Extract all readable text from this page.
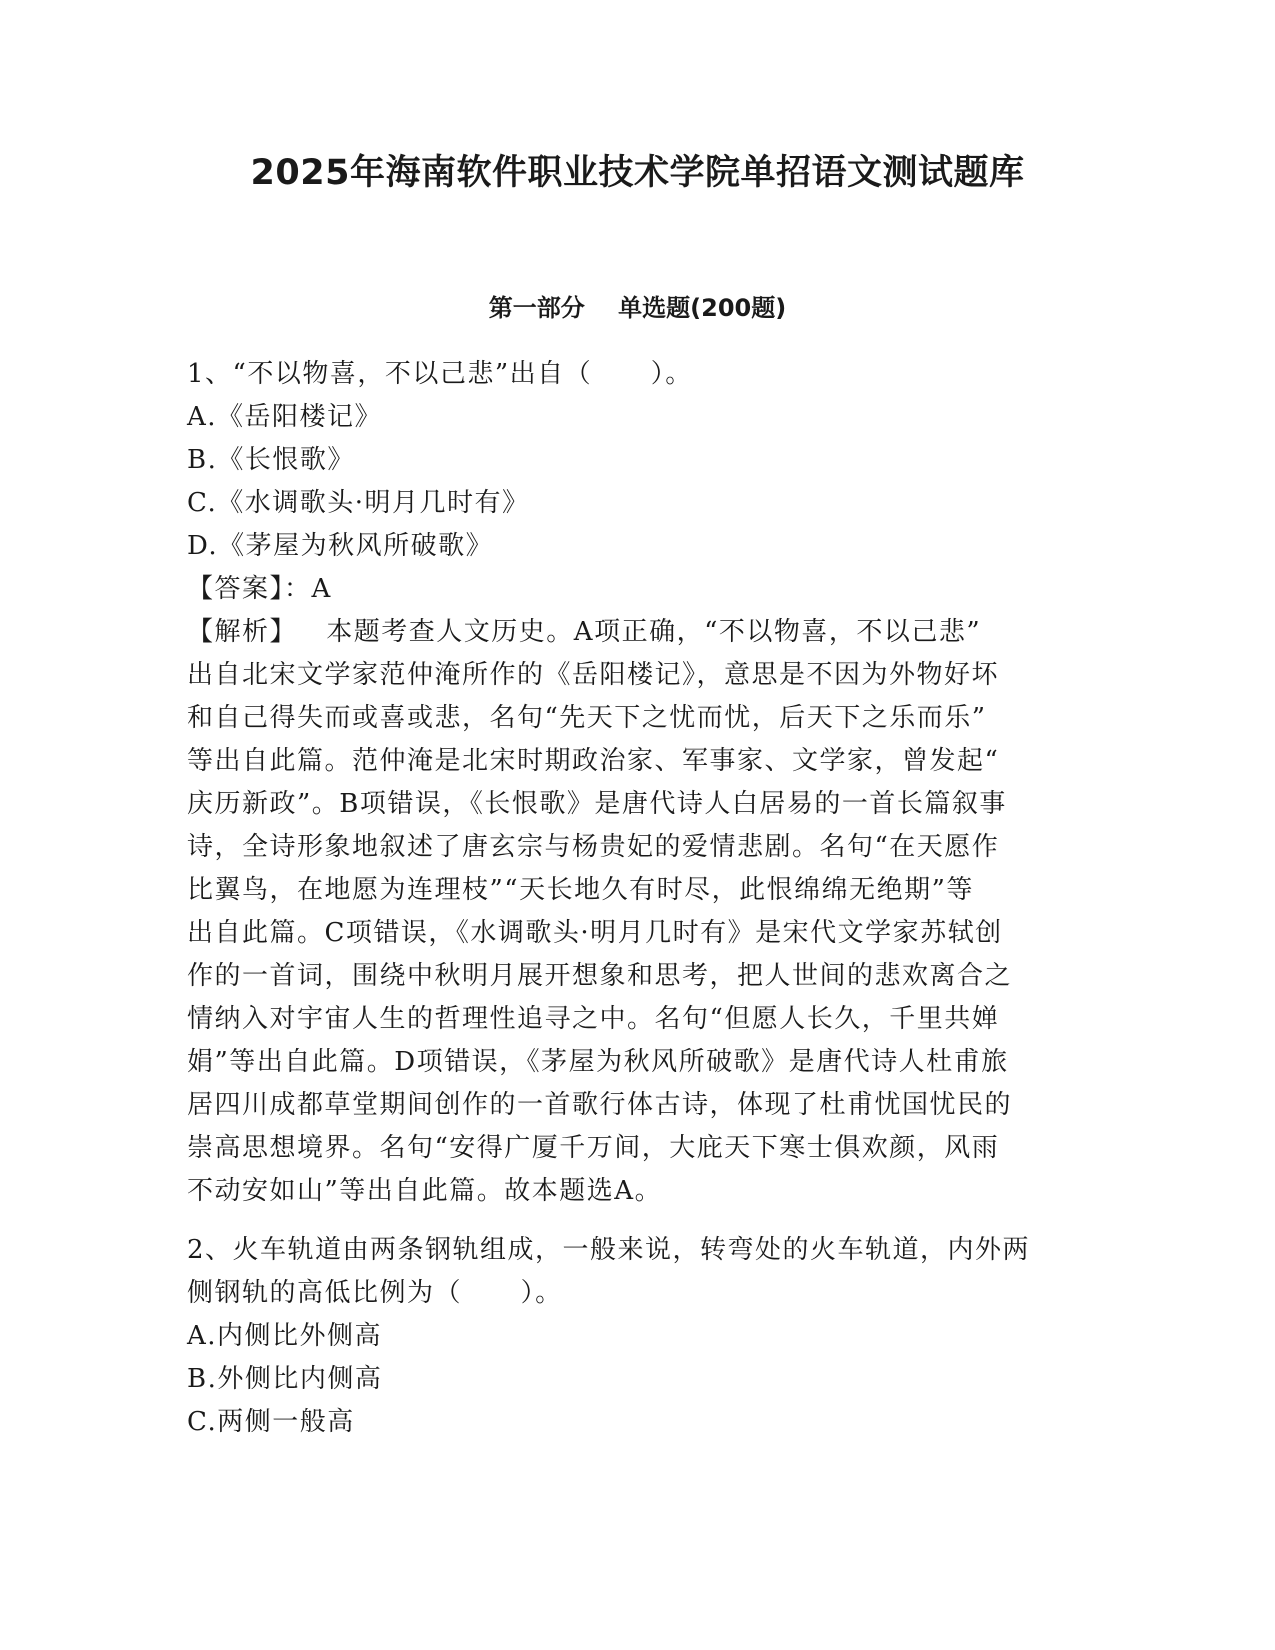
2025年海南软件职业技术学院单招语文测试题库
第一部分    单选题(200题)
1、“不以物喜，不以己悲”出自（      ）。
A.《岳阳楼记》
B.《长恨歌》
C.《水调歌头·明月几时有》
D.《茅屋为秋风所破歌》
【答案】：A
【解析】   本题考查人文历史。A项正确，“不以物喜，不以己悲”
出自北宋文学家范仲淹所作的《岳阳楼记》，意思是不因为外物好坏
和自己得失而或喜或悲，名句“先天下之忧而忧，后天下之乐而乐”
等出自此篇。范仲淹是北宋时期政治家、军事家、文学家，曾发起“
庆历新政”。B项错误，《长恨歌》是唐代诗人白居易的一首长篇叙事
诗，全诗形象地叙述了唐玄宗与杨贵妃的爱情悲剧。名句“在天愿作
比翼鸟，在地愿为连理枝”“天长地久有时尽，此恨绵绵无绝期”等
出自此篇。C项错误，《水调歌头·明月几时有》是宋代文学家苏轼创
作的一首词，围绕中秋明月展开想象和思考，把人世间的悲欢离合之
情纳入对宇宙人生的哲理性追寻之中。名句“但愿人长久，千里共婵
娟”等出自此篇。D项错误，《茅屋为秋风所破歌》是唐代诗人杜甫旅
居四川成都草堂期间创作的一首歌行体古诗，体现了杜甫忧国忧民的
崇高思想境界。名句“安得广厦千万间，大庇天下寒士俱欢颜，风雨
不动安如山”等出自此篇。故本题选A。
2、火车轨道由两条钢轨组成，一般来说，转弯处的火车轨道，内外两
侧钢轨的高低比例为（      ）。
A.内侧比外侧高
B.外侧比内侧高
C.两侧一般高
